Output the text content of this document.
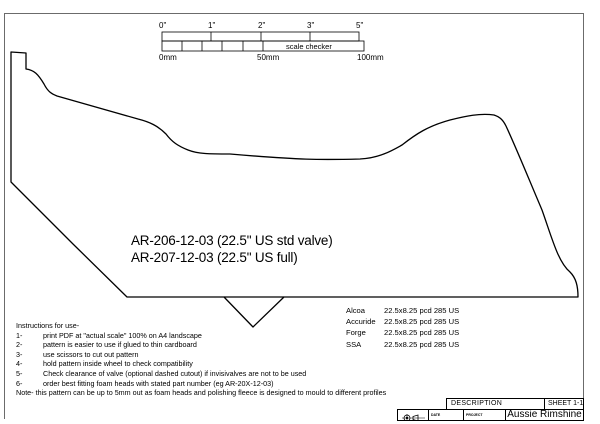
0"	1"	2"	3"	5"
scale checker
0mm	50mm	100mm
AR-206-12-03 (22.5" US std valve)
AR-207-12-03 (22.5" US full)
Instructions for use-
1-	print PDF at "actual scale" 100% on A4 landscape
2-	pattern is easier to use if glued to thin cardboard
3-	use scissors to cut out pattern
4-	hold pattern inside wheel to check compatibility
5-	Check clearance of valve (optional dashed cutout) if invisivalves are not to be used
6-	order best fitting foam heads with stated part number (eg AR-20X-12-03)
Note- this pattern can be up to 5mm out as foam heads and polishing fleece is designed to mould to different profiles
Alcoa	22.5x8.25 pcd 285 US
Accuride 22.5x8.25 pcd 285 US
Forge 22.5x8.25 pcd 285 US
SSA	22.5x8.25 pcd 285 US
DESCRIPTION	SHEET 1-1
DATE	PROJECT	Aussie Rimshine
